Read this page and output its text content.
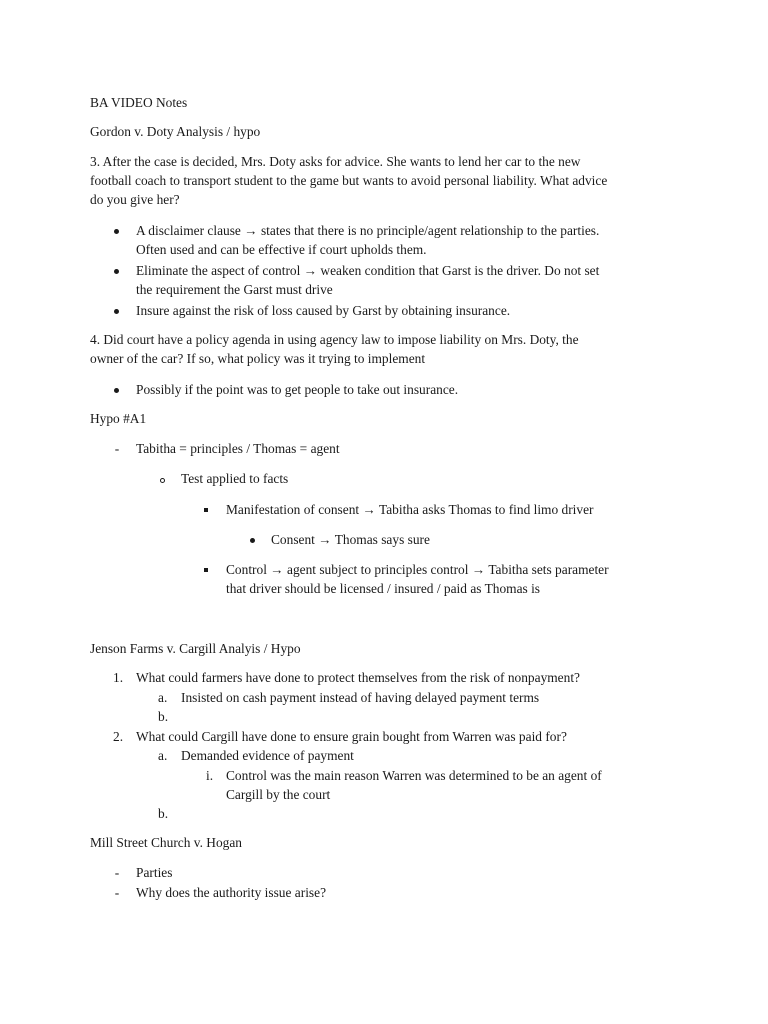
BA VIDEO Notes
Gordon v. Doty Analysis / hypo
3. After the case is decided, Mrs. Doty asks for advice. She wants to lend her car to the new
football coach to transport student to the game but wants to avoid personal liability. What advice
do you give her?
A disclaimer clause → states that there is no principle/agent relationship to the parties.
Often used and can be effective if court upholds them.
Eliminate the aspect of control → weaken condition that Garst is the driver. Do not set
the requirement the Garst must drive
Insure against the risk of loss caused by Garst by obtaining insurance.
4. Did court have a policy agenda in using agency law to impose liability on Mrs. Doty, the
owner of the car? If so, what policy was it trying to implement
Possibly if the point was to get people to take out insurance.
Hypo #A1
- Tabitha = principles / Thomas = agent
Test applied to facts
Manifestation of consent → Tabitha asks Thomas to find limo driver
Consent → Thomas says sure
Control → agent subject to principles control → Tabitha sets parameter
that driver should be licensed / insured / paid as Thomas is
Jenson Farms v. Cargill Analyis / Hypo
1. What could farmers have done to protect themselves from the risk of nonpayment?
a. Insisted on cash payment instead of having delayed payment terms
b.
2. What could Cargill have done to ensure grain bought from Warren was paid for?
a. Demanded evidence of payment
i. Control was the main reason Warren was determined to be an agent of
Cargill by the court
b.
Mill Street Church v. Hogan
- Parties
- Why does the authority issue arise?
